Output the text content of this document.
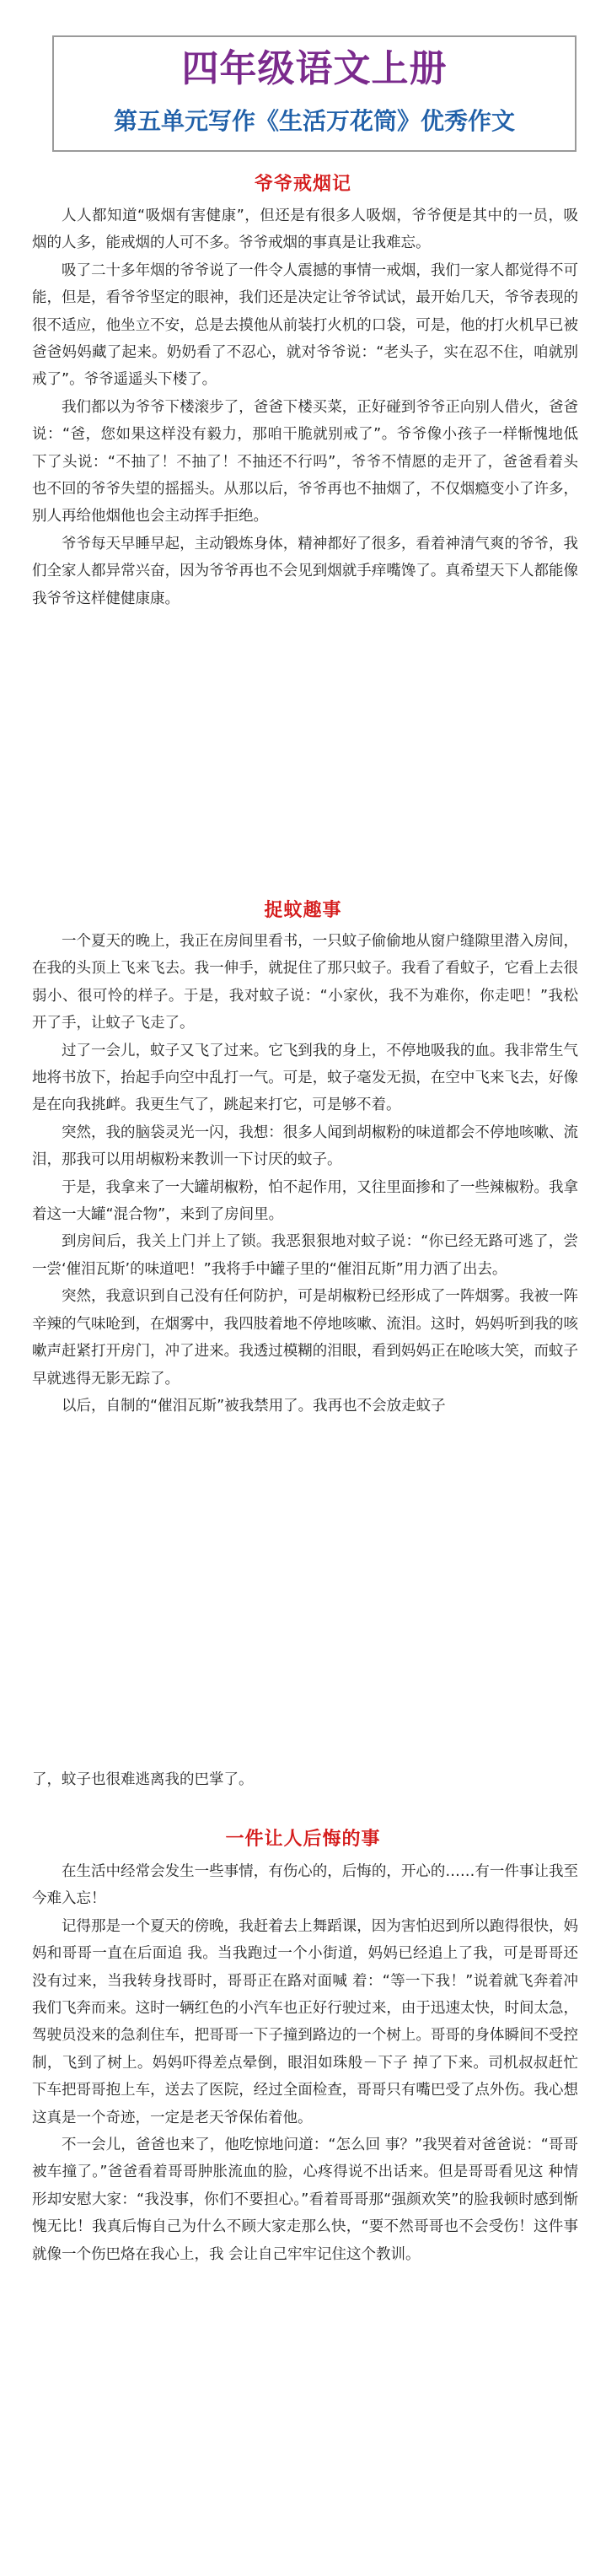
四年级语文上册
第五单元写作《生活万花筒》优秀作文
爷爷戒烟记

人人都知道“吸烟有害健康”，但还是有很多人吸烟，爷爷便是其中的一员，吸烟的人多，能戒烟的人可不多。爷爷戒烟的事真是让我难忘。

吸了二十多年烟的爷爷说了一件令人震撼的事情一戒烟，我们一家人都觉得不可能，但是，看爷爷坚定的眼神，我们还是决定让爷爷试试，最开始几天，爷爷表现的很不适应，他坐立不安，总是去摸他从前装打火机的口袋，可是，他的打火机早已被爸爸妈妈藏了起来。奶奶看了不忍心，就对爷爷说：“老头子，实在忍不住，咱就别戒了”。爷爷遥遥头下楼了。

我们都以为爷爷下楼滚步了，爸爸下楼买菜，正好碰到爷爷正向别人借火，爸爸说：“爸，您如果这样没有毅力，那咱干脆就别戒了”。爷爷像小孩子一样惭愧地低下了头说：“不抽了！不抽了！不抽还不行吗”，爷爷不情愿的走开了，爸爸看着头也不回的爷爷失望的摇摇头。从那以后，爷爷再也不抽烟了，不仅烟瘾变小了许多，别人再给他烟他也会主动挥手拒绝。

爷爷每天早睡早起，主动锻炼身体，精神都好了很多，看着神清气爽的爷爷，我们全家人都异常兴奋，因为爷爷再也不会见到烟就手痒嘴馋了。真希望天下人都能像我爷爷这样健健康康。

捉蚊趣事

一个夏天的晚上，我正在房间里看书，一只蚊子偷偷地从窗户缝隙里潜入房间，在我的头顶上飞来飞去。我一伸手，就捉住了那只蚊子。我看了看蚊子，它看上去很弱小、很可怜的样子。于是，我对蚊子说：“小家伙，我不为难你，你走吧！”我松开了手，让蚊子飞走了。

过了一会儿，蚊子又飞了过来。它飞到我的身上，不停地吸我的血。我非常生气地将书放下，抬起手向空中乱打一气。可是，蚊子毫发无损，在空中飞来飞去，好像是在向我挑衅。我更生气了，跳起来打它，可是够不着。

突然，我的脑袋灵光一闪，我想：很多人闻到胡椒粉的味道都会不停地咳嗽、流泪，那我可以用胡椒粉来教训一下讨厌的蚊子。

于是，我拿来了一大罐胡椒粉，怕不起作用，又往里面掺和了一些辣椒粉。我拿着这一大罐“混合物”，来到了房间里。

到房间后，我关上门并上了锁。我恶狠狠地对蚊子说：“你已经无路可逃了，尝一尝‘催泪瓦斯’的味道吧！”我将手中罐子里的“催泪瓦斯”用力洒了出去。

突然，我意识到自己没有任何防护，可是胡椒粉已经形成了一阵烟雾。我被一阵辛辣的气味呛到，在烟雾中，我四肢着地不停地咳嗽、流泪。这时，妈妈听到我的咳嗽声赶紧打开房门，冲了进来。我透过模糊的泪眼，看到妈妈正在呛咳大笑，而蚊子早就逃得无影无踪了。

以后，自制的“催泪瓦斯”被我禁用了。我再也不会放走蚊子

了，蚊子也很难逃离我的巴掌了。

一件让人后悔的事

在生活中经常会发生一些事情，有伤心的，后悔的，开心的……有一件事让我至今难入忘！

记得那是一个夏天的傍晚，我赶着去上舞蹈课，因为害怕迟到所以跑得很快，妈妈和哥哥一直在后面追 我。当我跑过一个小街道，妈妈已经追上了我，可是哥哥还没有过来，当我转身找哥时，哥哥正在路对面喊 着：“等一下我！”说着就飞奔着冲我们飞奔而来。这时一辆红色的小汽车也正好行驶过来，由于迅速太快，时间太急，驾驶员没来的急刹住车，把哥哥一下子撞到路边的一个树上。哥哥的身体瞬间不受控制，飞到了树上。妈妈吓得差点晕倒，眼泪如珠般－下子 掉了下来。司机叔叔赶忙下车把哥哥抱上车，送去了医院，经过全面检查，哥哥只有嘴巴受了点外伤。我心想这真是一个奇迹，一定是老天爷保佑着他。

不一会儿，爸爸也来了，他吃惊地问道：“怎么回 事？”我哭着对爸爸说：“哥哥被车撞了。”爸爸看着哥哥肿胀流血的脸，心疼得说不出话来。但是哥哥看见这 种情形却安慰大家：“我没事，你们不要担心。”看着哥哥那“强颜欢笑”的脸我顿时感到惭愧无比！我真后悔自己为什么不顾大家走那么快，“要不然哥哥也不会受伤！这件事就像一个伤巴烙在我心上，我 会让自己牢牢记住这个教训。
